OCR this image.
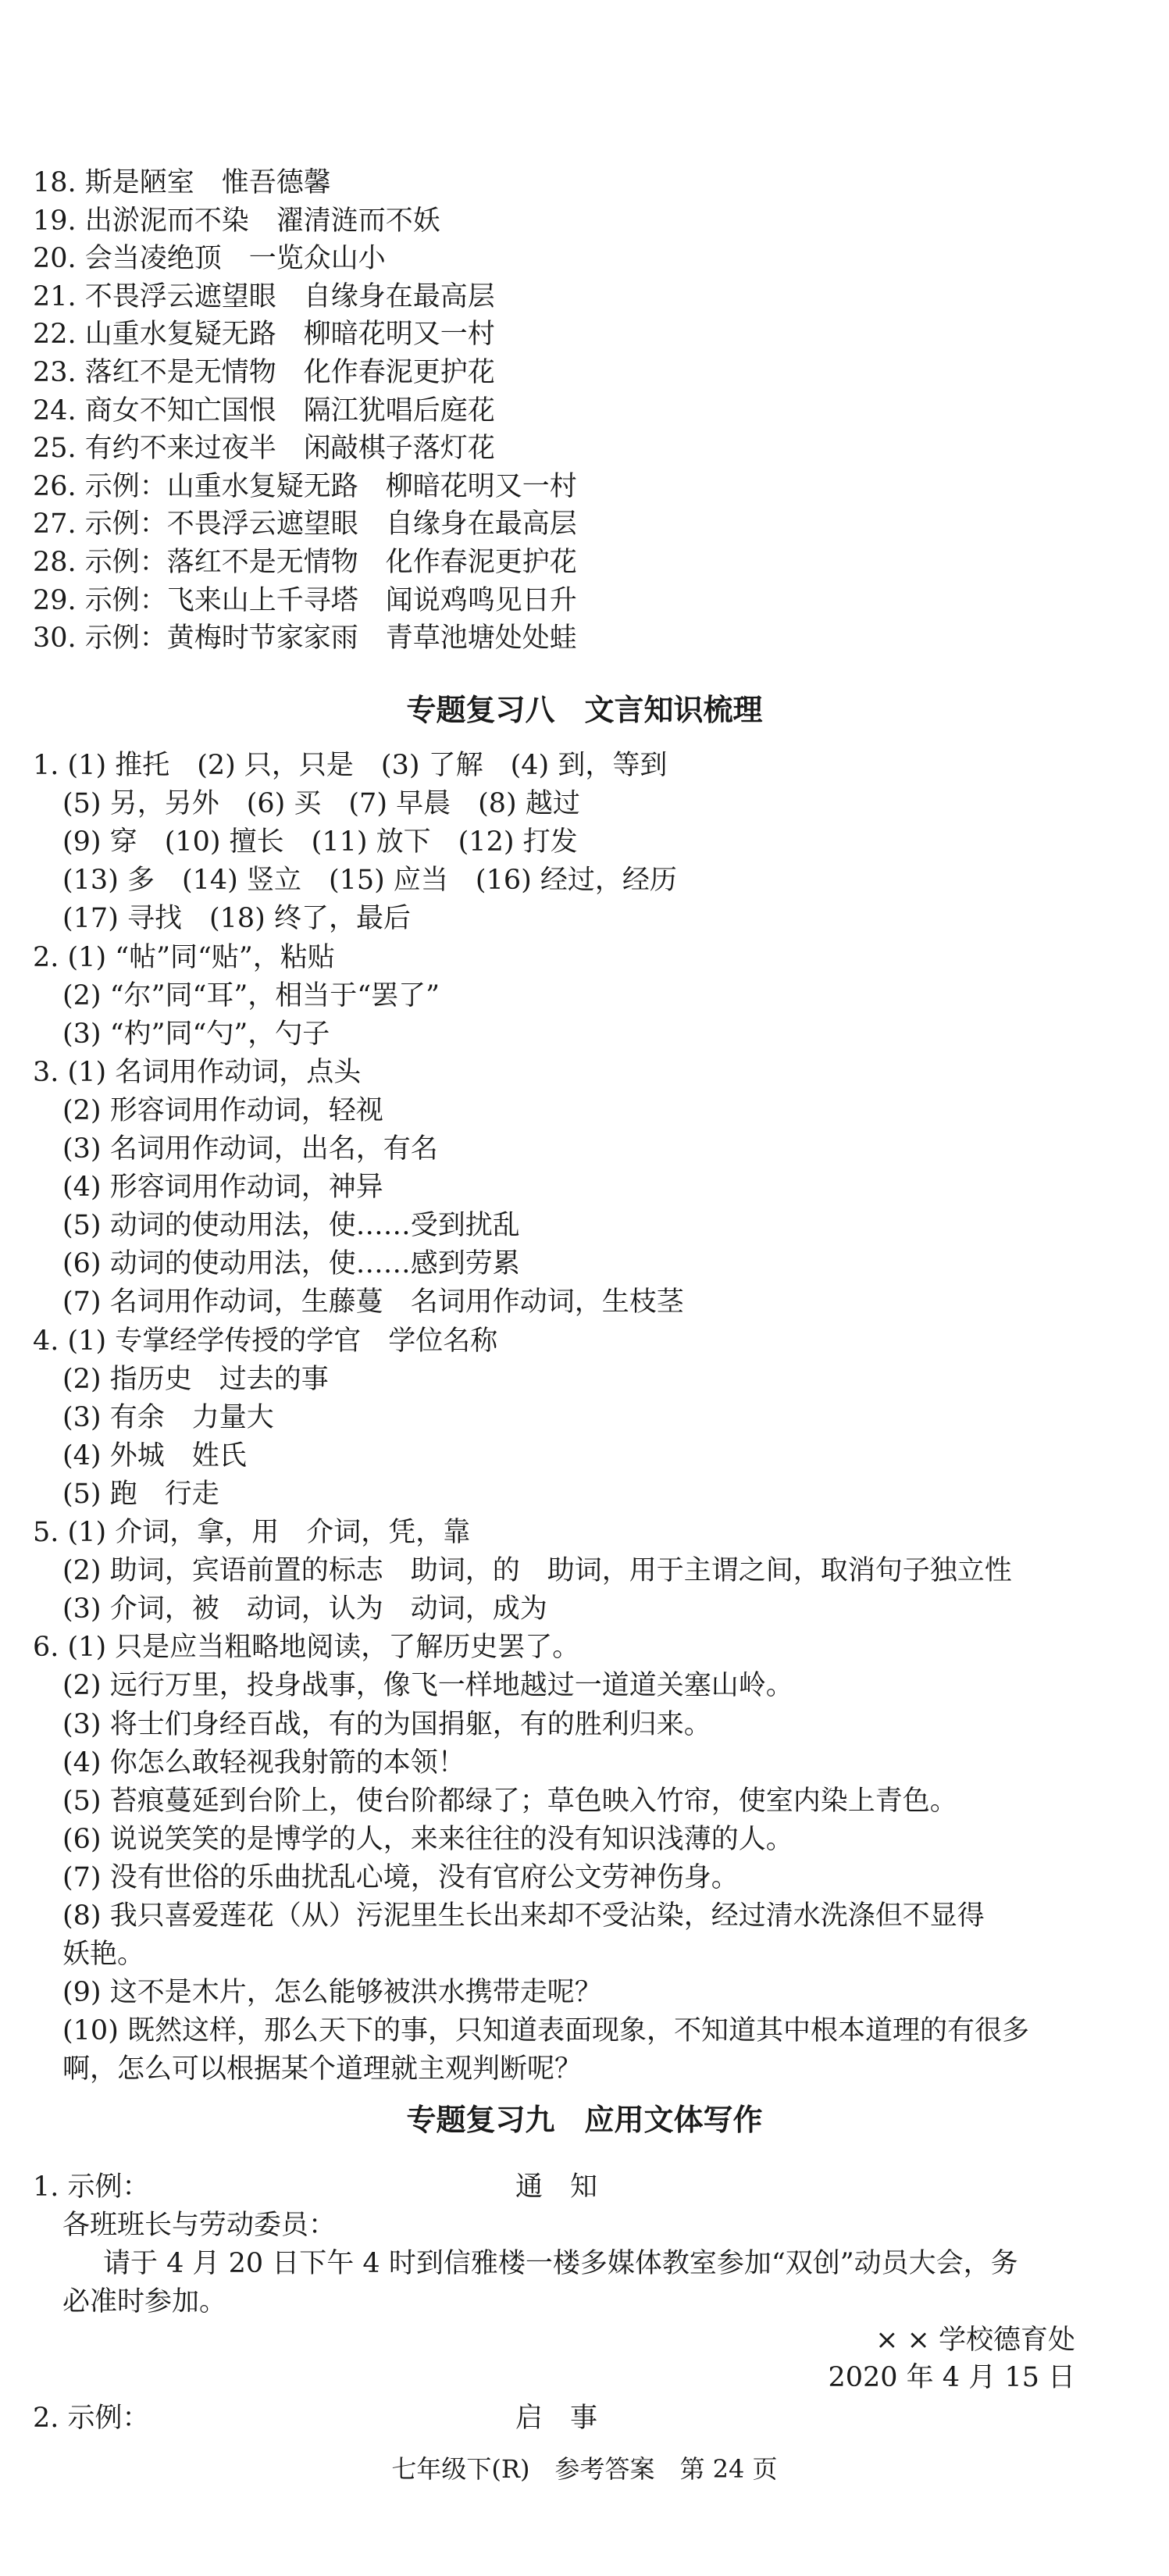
18. 斯是陋室　惟吾德馨
19. 出淤泥而不染　濯清涟而不妖
20. 会当凌绝顶　一览众山小
21. 不畏浮云遮望眼　自缘身在最高层
22. 山重水复疑无路　柳暗花明又一村
23. 落红不是无情物　化作春泥更护花
24. 商女不知亡国恨　隔江犹唱后庭花
25. 有约不来过夜半　闲敲棋子落灯花
26. 示例：山重水复疑无路　柳暗花明又一村
27. 示例：不畏浮云遮望眼　自缘身在最高层
28. 示例：落红不是无情物　化作春泥更护花
29. 示例：飞来山上千寻塔　闻说鸡鸣见日升
30. 示例：黄梅时节家家雨　青草池塘处处蛙
专题复习八　文言知识梳理
1. (1) 推托　(2) 只，只是　(3) 了解　(4) 到，等到
(5) 另，另外　(6) 买　(7) 早晨　(8) 越过
(9) 穿　(10) 擅长　(11) 放下　(12) 打发
(13) 多　(14) 竖立　(15) 应当　(16) 经过，经历
(17) 寻找　(18) 终了，最后
2. (1) “帖”同“贴”，粘贴
(2) “尔”同“耳”，相当于“罢了”
(3) “杓”同“勺”，勺子
3. (1) 名词用作动词，点头
(2) 形容词用作动词，轻视
(3) 名词用作动词，出名，有名
(4) 形容词用作动词，神异
(5) 动词的使动用法，使……受到扰乱
(6) 动词的使动用法，使……感到劳累
(7) 名词用作动词，生藤蔓　名词用作动词，生枝茎
4. (1) 专掌经学传授的学官　学位名称
(2) 指历史　过去的事
(3) 有余　力量大
(4) 外城　姓氏
(5) 跑　行走
5. (1) 介词，拿，用　介词，凭，靠
(2) 助词，宾语前置的标志　助词，的　助词，用于主谓之间，取消句子独立性
(3) 介词，被　动词，认为　动词，成为
6. (1) 只是应当粗略地阅读，了解历史罢了。
(2) 远行万里，投身战事，像飞一样地越过一道道关塞山岭。
(3) 将士们身经百战，有的为国捐躯，有的胜利归来。
(4) 你怎么敢轻视我射箭的本领！
(5) 苔痕蔓延到台阶上，使台阶都绿了；草色映入竹帘，使室内染上青色。
(6) 说说笑笑的是博学的人，来来往往的没有知识浅薄的人。
(7) 没有世俗的乐曲扰乱心境，没有官府公文劳神伤身。
(8) 我只喜爱莲花（从）污泥里生长出来却不受沾染，经过清水洗涤但不显得
妖艳。
(9) 这不是木片，怎么能够被洪水携带走呢？
(10) 既然这样，那么天下的事，只知道表面现象，不知道其中根本道理的有很多
啊，怎么可以根据某个道理就主观判断呢？
专题复习九　应用文体写作
1. 示例：	通　知
各班班长与劳动委员：
请于 4 月 20 日下午 4 时到信雅楼一楼多媒体教室参加“双创”动员大会，务
必准时参加。
× × 学校德育处
2020 年 4 月 15 日
2. 示例：	启　事
七年级下(R)　参考答案　第 24 页
